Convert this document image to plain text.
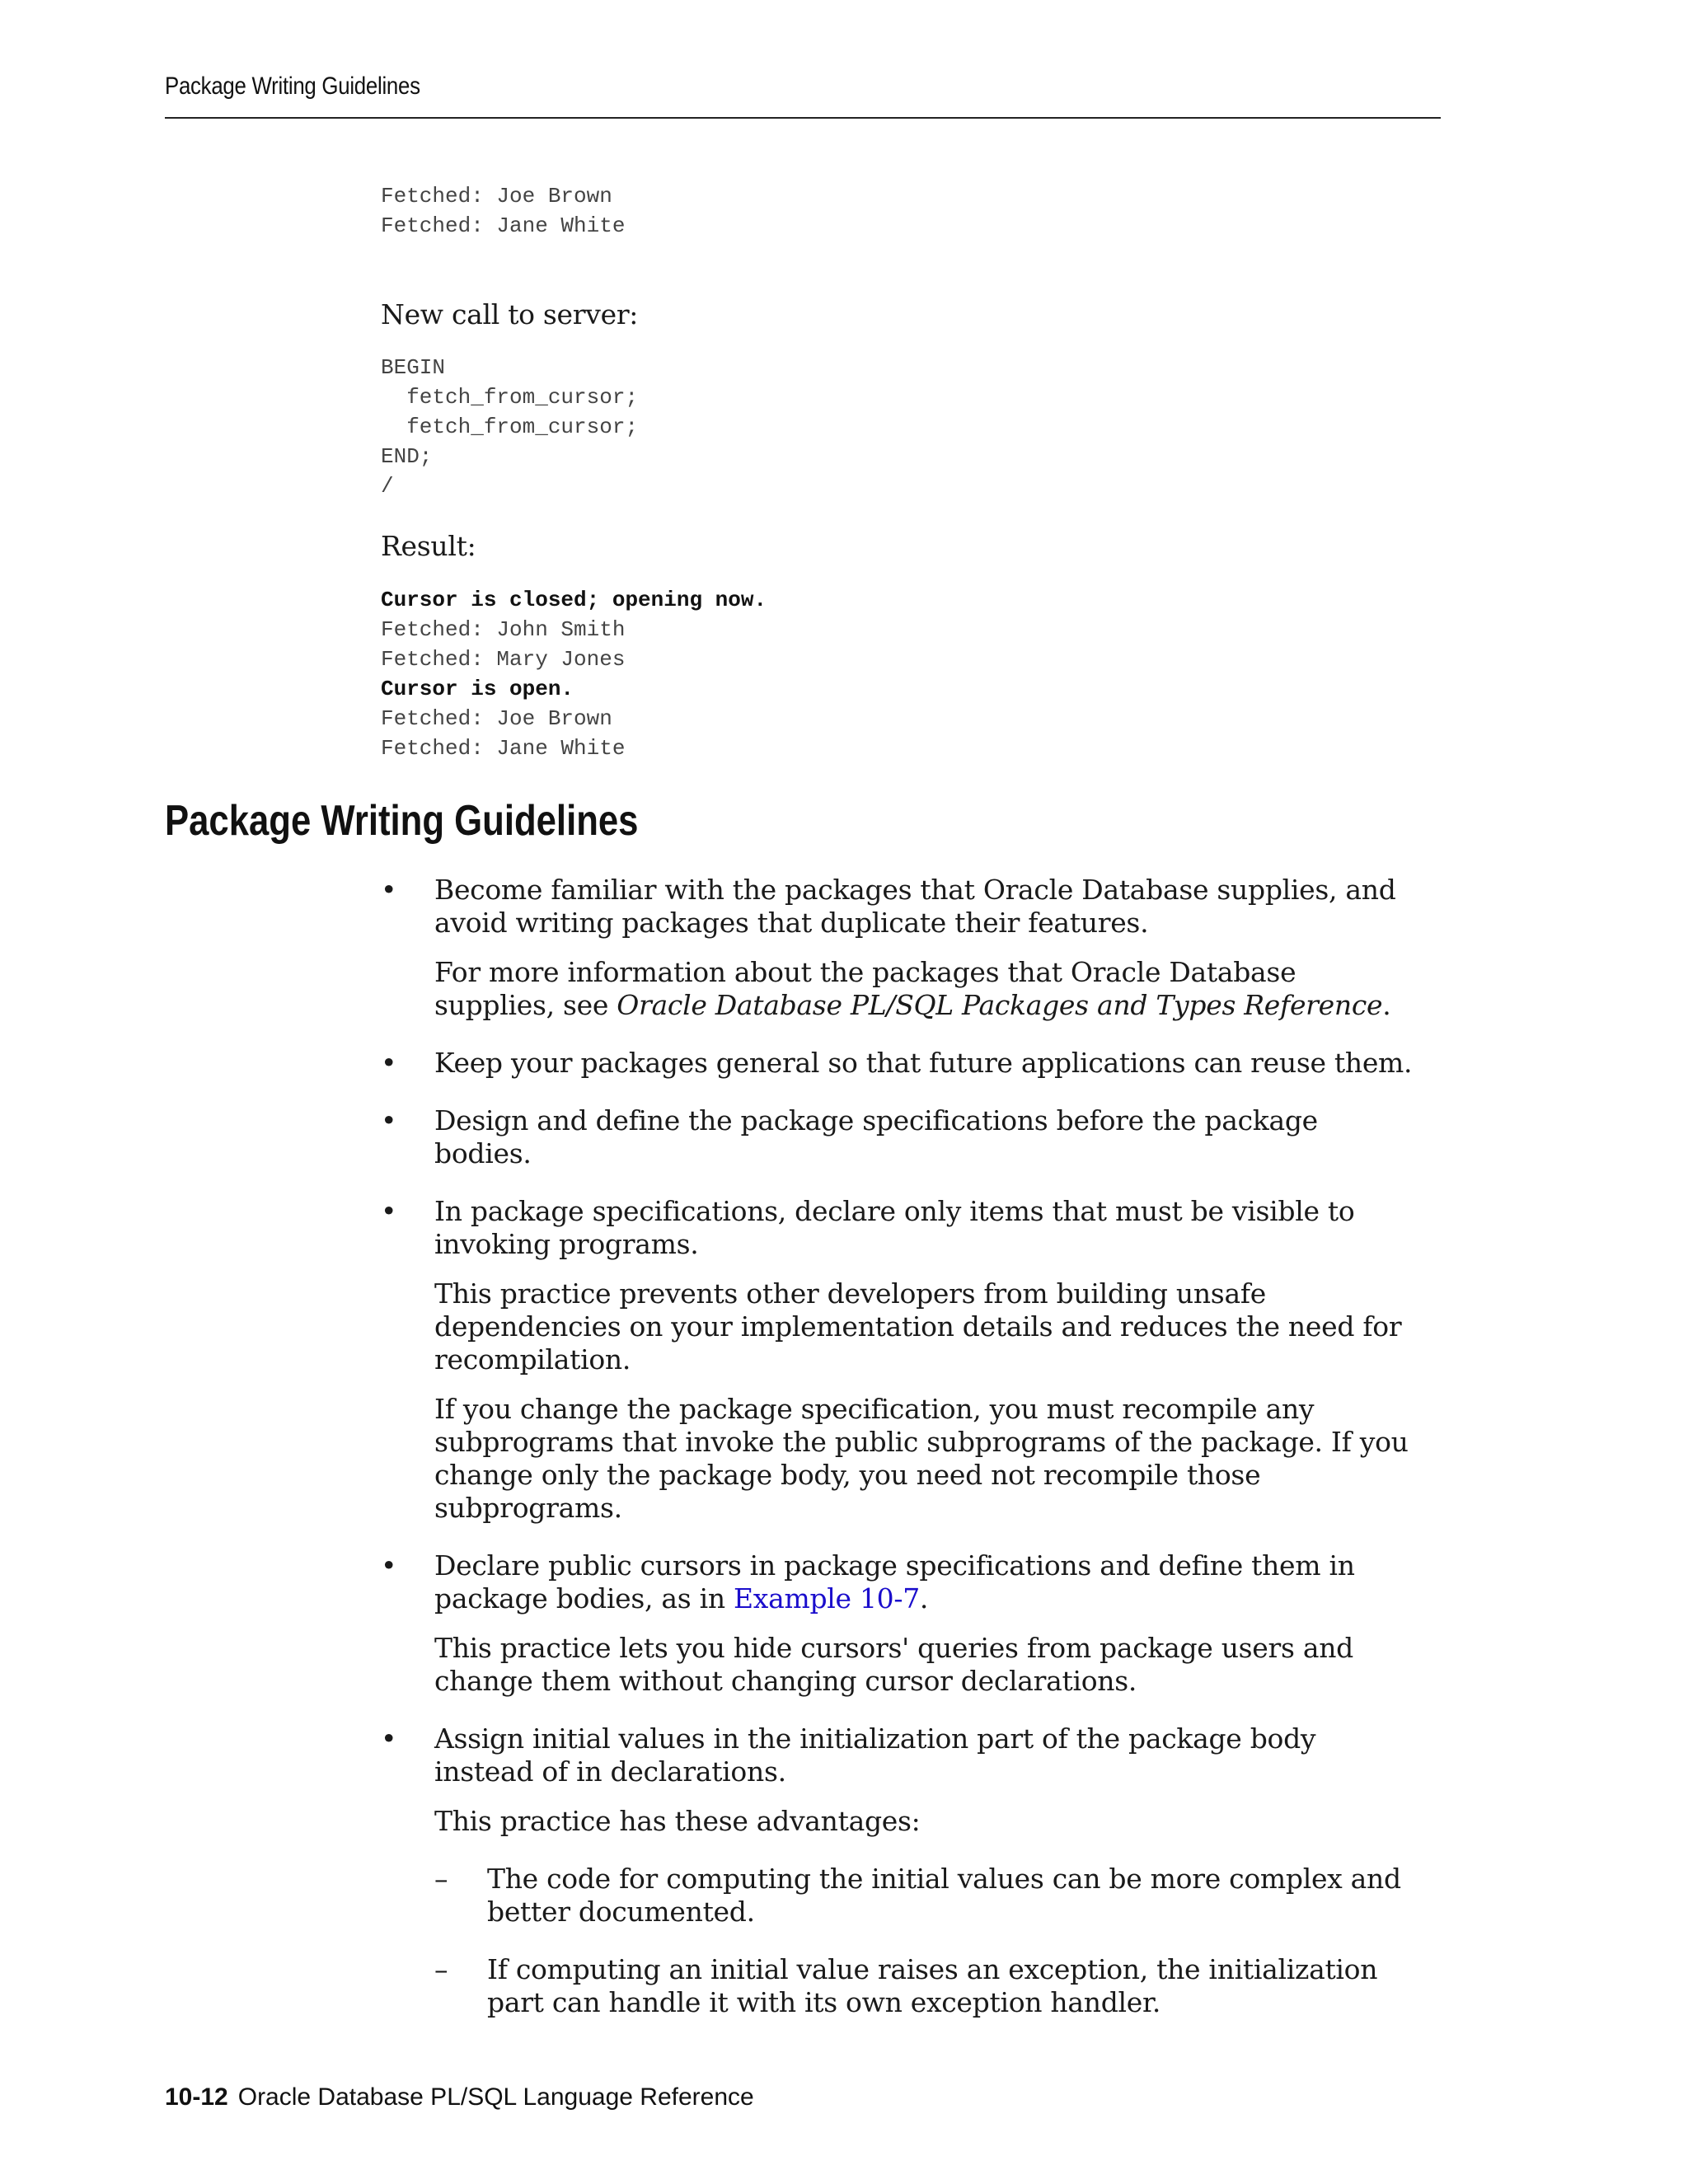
Package Writing Guidelines
Fetched: Joe Brown
Fetched: Jane White
New call to server:
BEGIN
fetch_from_cursor;
fetch_from_cursor;
END;
/
Result:
Cursor is closed; opening now.
Fetched: John Smith
Fetched: Mary Jones
Cursor is open.
Fetched: Joe Brown
Fetched: Jane White
Package Writing Guidelines
• Become familiar with the packages that Oracle Database supplies, and avoid writing packages that duplicate their features.

For more information about the packages that Oracle Database supplies, see Oracle Database PL/SQL Packages and Types Reference.

• Keep your packages general so that future applications can reuse them.

• Design and define the package specifications before the package bodies.

• In package specifications, declare only items that must be visible to invoking programs.

This practice prevents other developers from building unsafe dependencies on your implementation details and reduces the need for recompilation.

If you change the package specification, you must recompile any subprograms that invoke the public subprograms of the package. If you change only the package body, you need not recompile those subprograms.

• Declare public cursors in package specifications and define them in package bodies, as in Example 10-7.

This practice lets you hide cursors' queries from package users and change them without changing cursor declarations.

• Assign initial values in the initialization part of the package body instead of in declarations.

This practice has these advantages:

– The code for computing the initial values can be more complex and better documented.
– If computing an initial value raises an exception, the initialization part can handle it with its own exception handler.
10-12 Oracle Database PL/SQL Language Reference
